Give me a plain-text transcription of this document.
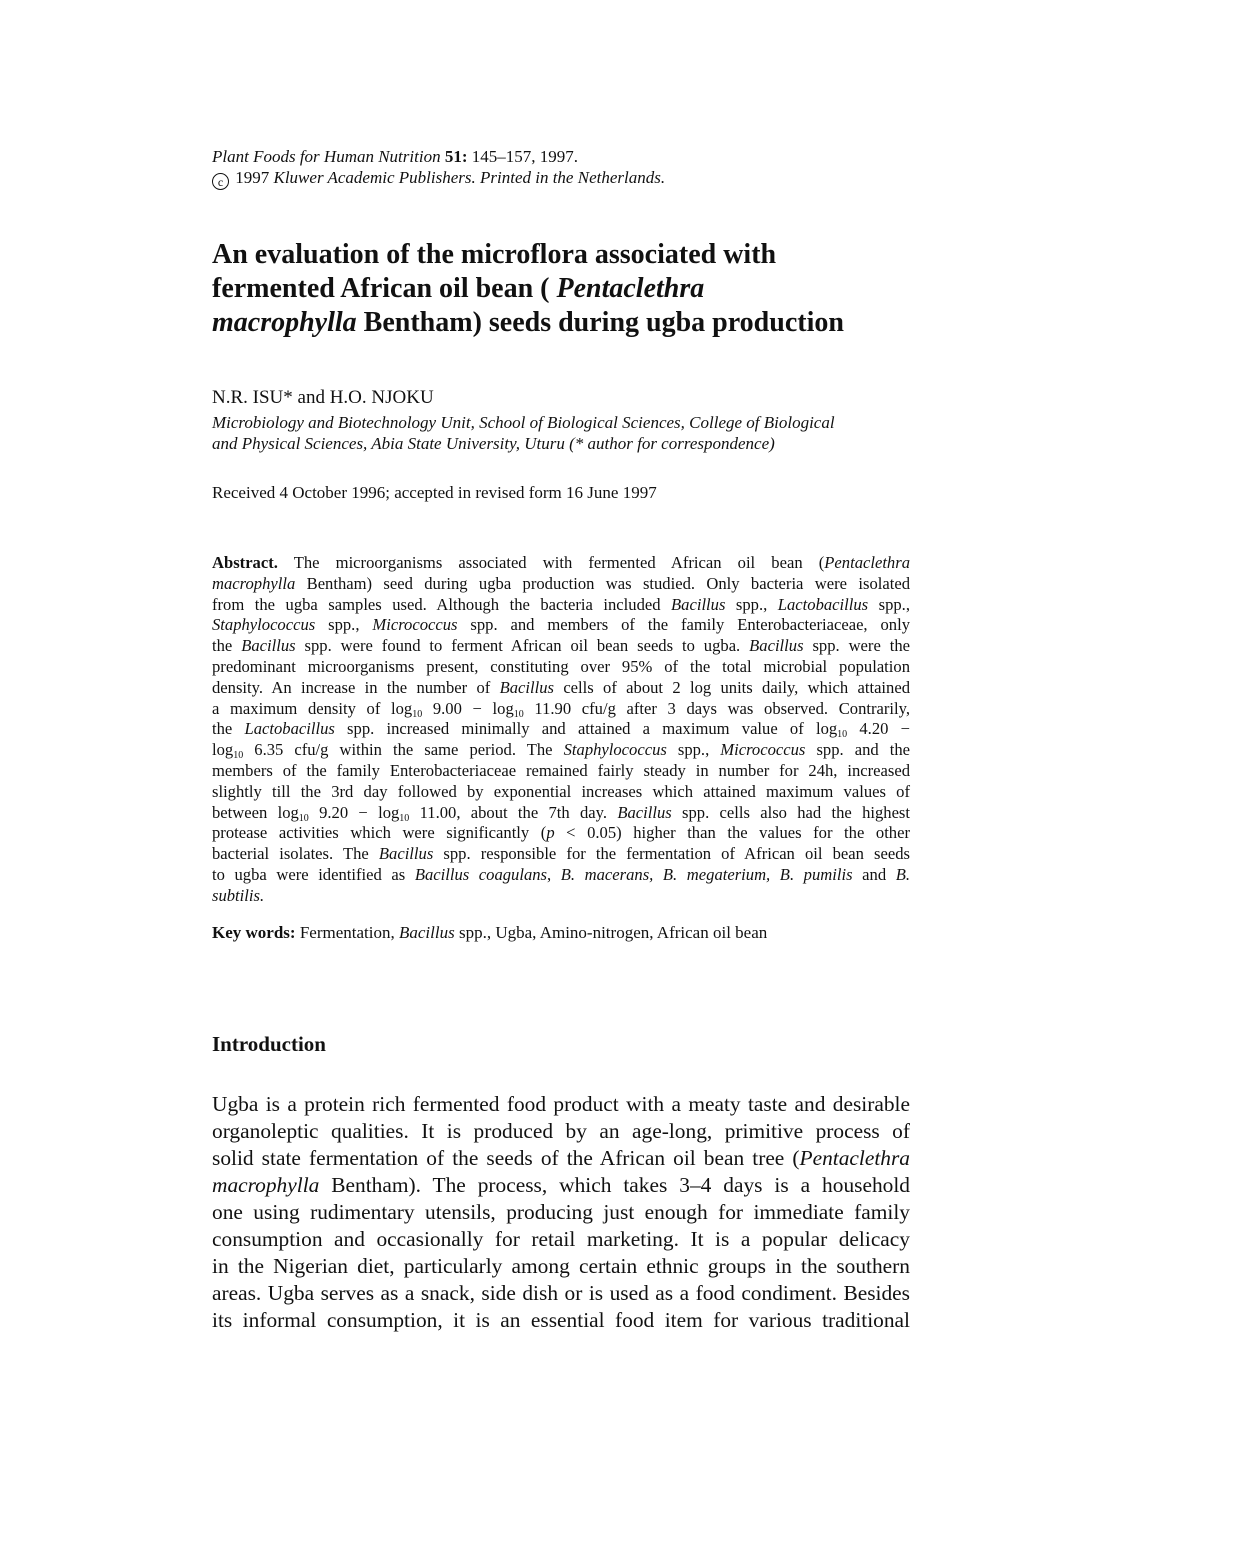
Plant Foods for Human Nutrition 51: 145–157, 1997.
c 1997 Kluwer Academic Publishers. Printed in the Netherlands.
An evaluation of the microflora associated with
fermented African oil bean ( Pentaclethra
macrophylla Bentham) seeds during ugba production
N.R. ISU* and H.O. NJOKU
Microbiology and Biotechnology Unit, School of Biological Sciences, College of Biological
and Physical Sciences, Abia State University, Uturu (* author for correspondence)
Received 4 October 1996; accepted in revised form 16 June 1997
Abstract. The microorganisms associated with fermented African oil bean (Pentaclethra
macrophylla Bentham) seed during ugba production was studied. Only bacteria were isolated
from the ugba samples used. Although the bacteria included Bacillus spp., Lactobacillus spp.,
Staphylococcus spp., Micrococcus spp. and members of the family Enterobacteriaceae, only
the Bacillus spp. were found to ferment African oil bean seeds to ugba. Bacillus spp. were the
predominant microorganisms present, constituting over 95% of the total microbial population
density. An increase in the number of Bacillus cells of about 2 log units daily, which attained
a maximum density of $\log_{10} 9.00 - \log_{10} 11.90$ cfu/g after 3 days was observed. Contrarily,
the Lactobacillus spp. increased minimally and attained a maximum value of $\log_{10} 4.20$ −
$\log_{10} 6.35$ cfu/g within the same period. The Staphylococcus spp., Micrococcus spp. and the
members of the family Enterobacteriaceae remained fairly steady in number for 24h, increased
slightly till the 3rd day followed by exponential increases which attained maximum values of
between $\log_{10} 9.20 - \log_{10} 11.00$, about the 7th day. Bacillus spp. cells also had the highest
protease activities which were significantly (p < 0.05) higher than the values for the other
bacterial isolates. The Bacillus spp. responsible for the fermentation of African oil bean seeds
to ugba were identified as Bacillus coagulans, B. macerans, B. megaterium, B. pumilis and B.
subtilis.
Key words: Fermentation, Bacillus spp., Ugba, Amino-nitrogen, African oil bean
Introduction
Ugba is a protein rich fermented food product with a meaty taste and desirable
organoleptic qualities. It is produced by an age-long, primitive process of
solid state fermentation of the seeds of the African oil bean tree (Pentaclethra
macrophylla Bentham). The process, which takes 3–4 days is a household
one using rudimentary utensils, producing just enough for immediate family
consumption and occasionally for retail marketing. It is a popular delicacy
in the Nigerian diet, particularly among certain ethnic groups in the southern
areas. Ugba serves as a snack, side dish or is used as a food condiment. Besides
its informal consumption, it is an essential food item for various traditional
